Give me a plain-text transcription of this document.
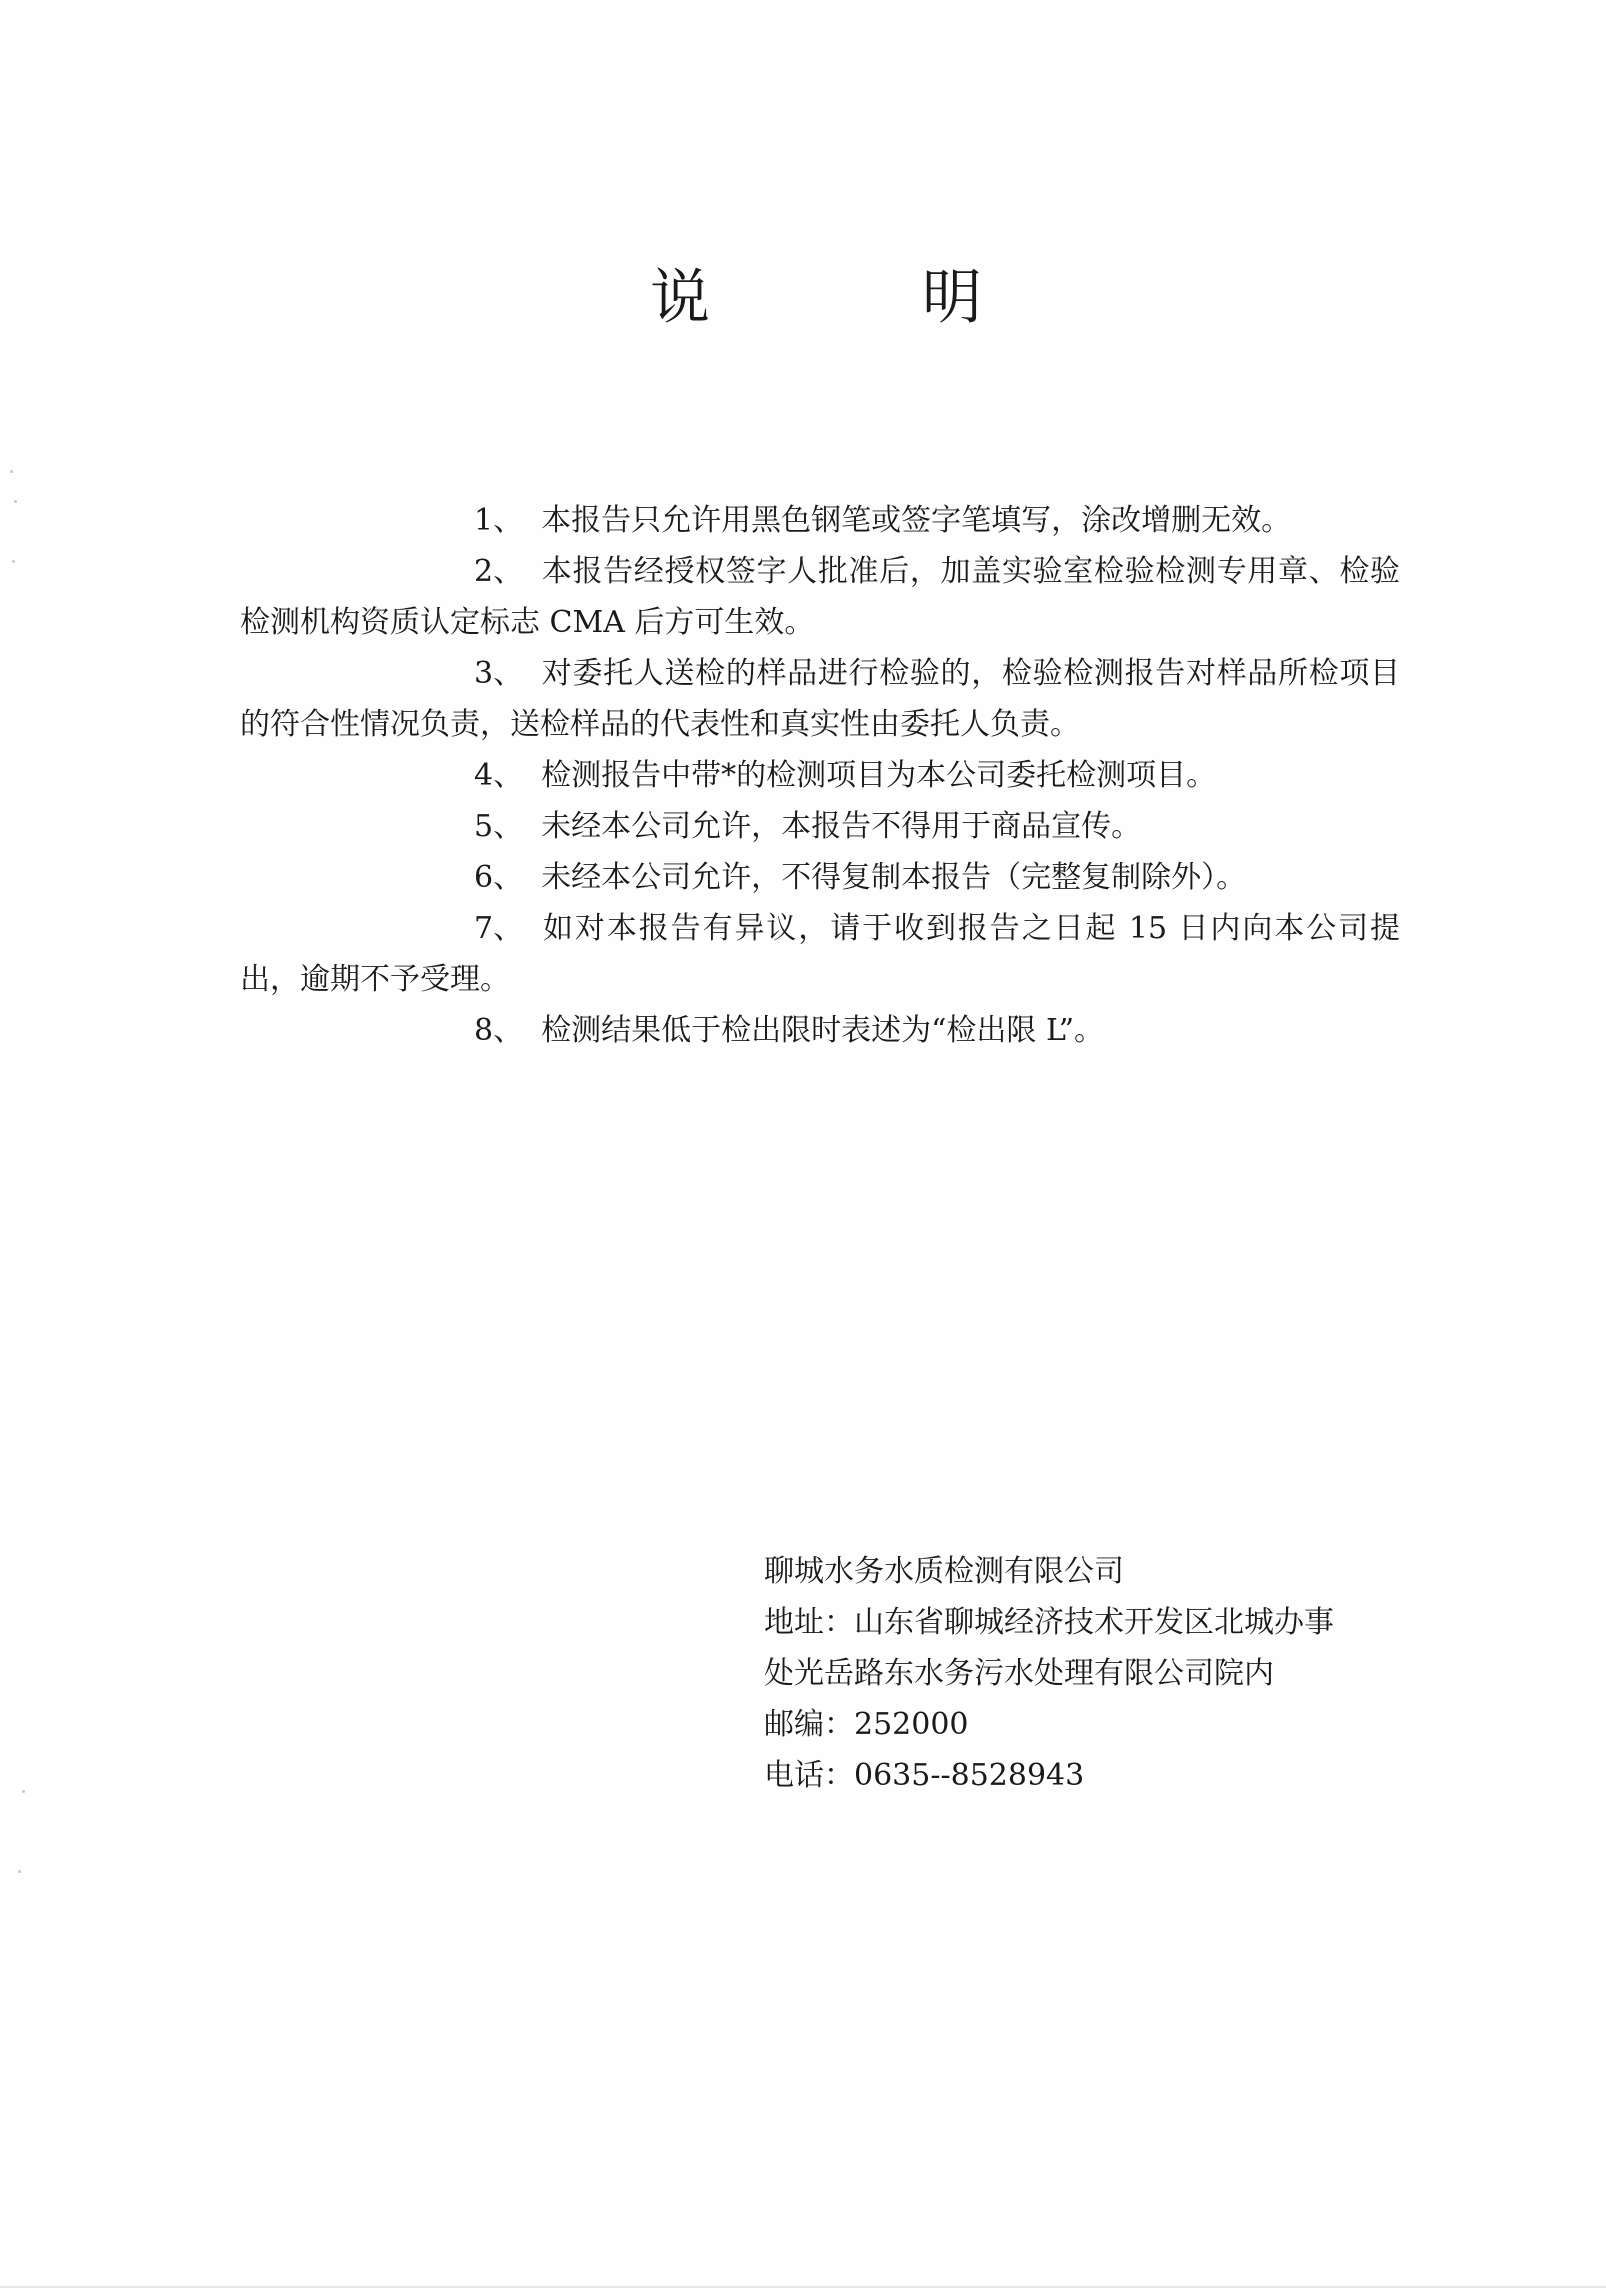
说	明

1、 本报告只允许用黑色钢笔或签字笔填写，涂改增删无效。

2、 本报告经授权签字人批准后，加盖实验室检验检测专用章、检验检测机构资质认定标志 CMA 后方可生效。

3、 对委托人送检的样品进行检验的，检验检测报告对样品所检项目的符合性情况负责，送检样品的代表性和真实性由委托人负责。

4、 检测报告中带*的检测项目为本公司委托检测项目。

5、 未经本公司允许，本报告不得用于商品宣传。

6、 未经本公司允许，不得复制本报告（完整复制除外）。

7、 如对本报告有异议，请于收到报告之日起 15 日内向本公司提出，逾期不予受理。

8、 检测结果低于检出限时表述为“检出限 L”。

聊城水务水质检测有限公司
地址：山东省聊城经济技术开发区北城办事
处光岳路东水务污水处理有限公司院内
邮编：252000
电话：0635--8528943
